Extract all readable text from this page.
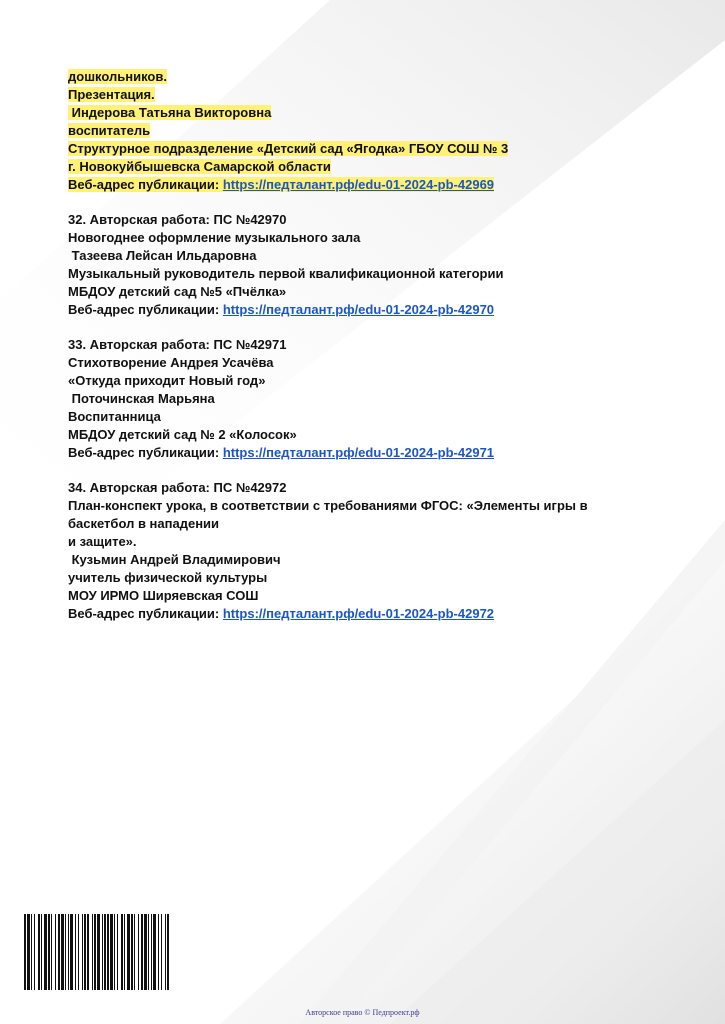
дошкольников.
Презентация.
Индерова Татьяна Викторовна
воспитатель
Структурное подразделение «Детский сад «Ягодка» ГБОУ СОШ № 3
г. Новокуйбышевска Самарской области
Веб-адрес публикации: https://педталант.рф/edu-01-2024-pb-42969
32. Авторская работа: ПС №42970
Новогоднее оформление музыкального зала
Тазеева Лейсан Ильдаровна
Музыкальный руководитель первой квалификационной категории
МБДОУ детский сад №5 «Пчёлка»
Веб-адрес публикации: https://педталант.рф/edu-01-2024-pb-42970
33. Авторская работа: ПС №42971
Стихотворение Андрея Усачёва
«Откуда приходит Новый год»
Поточинская Марьяна
Воспитанница
МБДОУ детский сад № 2 «Колосок»
Веб-адрес публикации: https://педталант.рф/edu-01-2024-pb-42971
34. Авторская работа: ПС №42972
План-конспект урока, в соответствии с требованиями ФГОС: «Элементы игры в баскетбол в нападении
и защите».
Кузьмин Андрей Владимирович
учитель физической культуры
МОУ ИРМО Ширяевская СОШ
Веб-адрес публикации: https://педталант.рф/edu-01-2024-pb-42972
Авторское право © Педпроект.рф
